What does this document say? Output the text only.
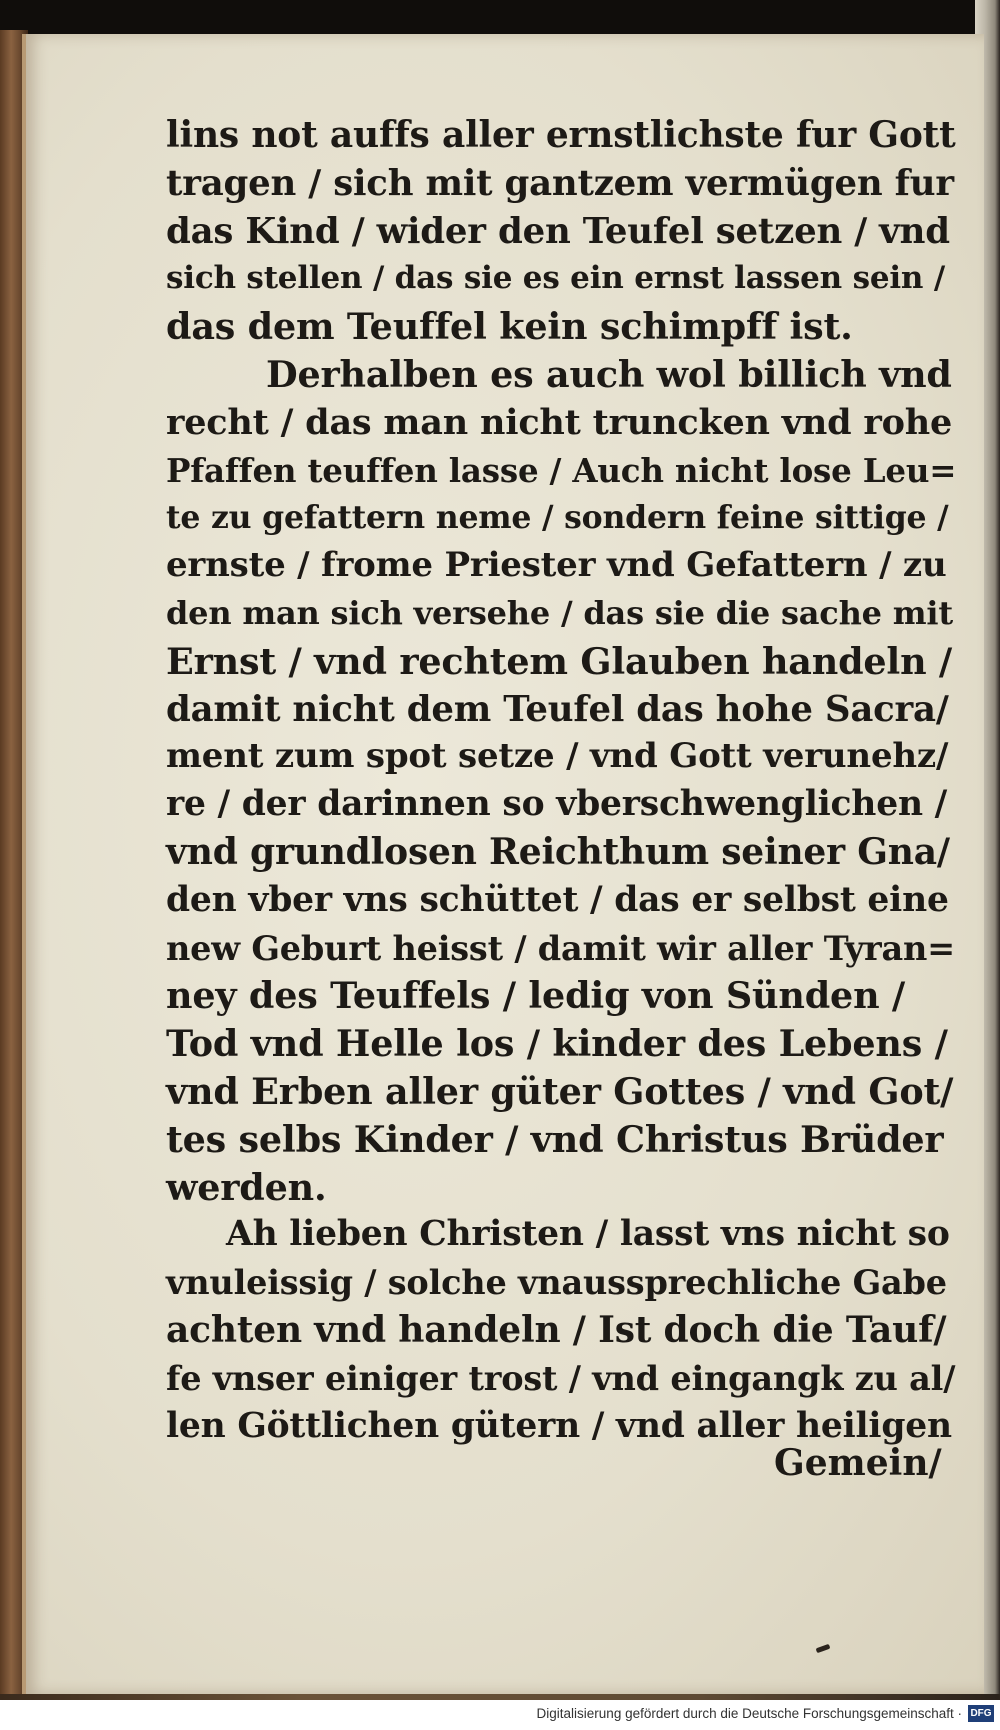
lins not auffs aller ernstlichste fur Gott
tragen / sich mit gantzem vermügen fur
das Kind / wider den Teufel setzen / vnd
sich stellen / das sie es ein ernst lassen sein /
das dem Teuffel kein schimpff ist.
Derhalben es auch wol billich vnd
recht / das man nicht truncken vnd rohe
Pfaffen teuffen lasse / Auch nicht lose Leu=
te zu gefattern neme / sondern feine sittige /
ernste / frome Priester vnd Gefattern / zu
den man sich versehe / das sie die sache mit
Ernst / vnd rechtem Glauben handeln /
damit nicht dem Teufel das hohe Sacra/
ment zum spot setze / vnd Gott verunehz/
re / der darinnen so vberschwenglichen /
vnd grundlosen Reichthum seiner Gna/
den vber vns schüttet / das er selbst eine
new Geburt heisst / damit wir aller Tyran=
ney des Teuffels / ledig von Sünden /
Tod vnd Helle los / kinder des Lebens /
vnd Erben aller güter Gottes / vnd Got/
tes selbs Kinder / vnd Christus Brüder
werden.
Ah lieben Christen / lasst vns nicht so
vnuleissig / solche vnaussprechliche Gabe
achten vnd handeln / Ist doch die Tauf/
fe vnser einiger trost / vnd eingangk zu al/
len Göttlichen gütern / vnd aller heiligen
Gemein/
Digitalisierung gefördert durch die Deutsche Forschungsgemeinschaft · DFG
